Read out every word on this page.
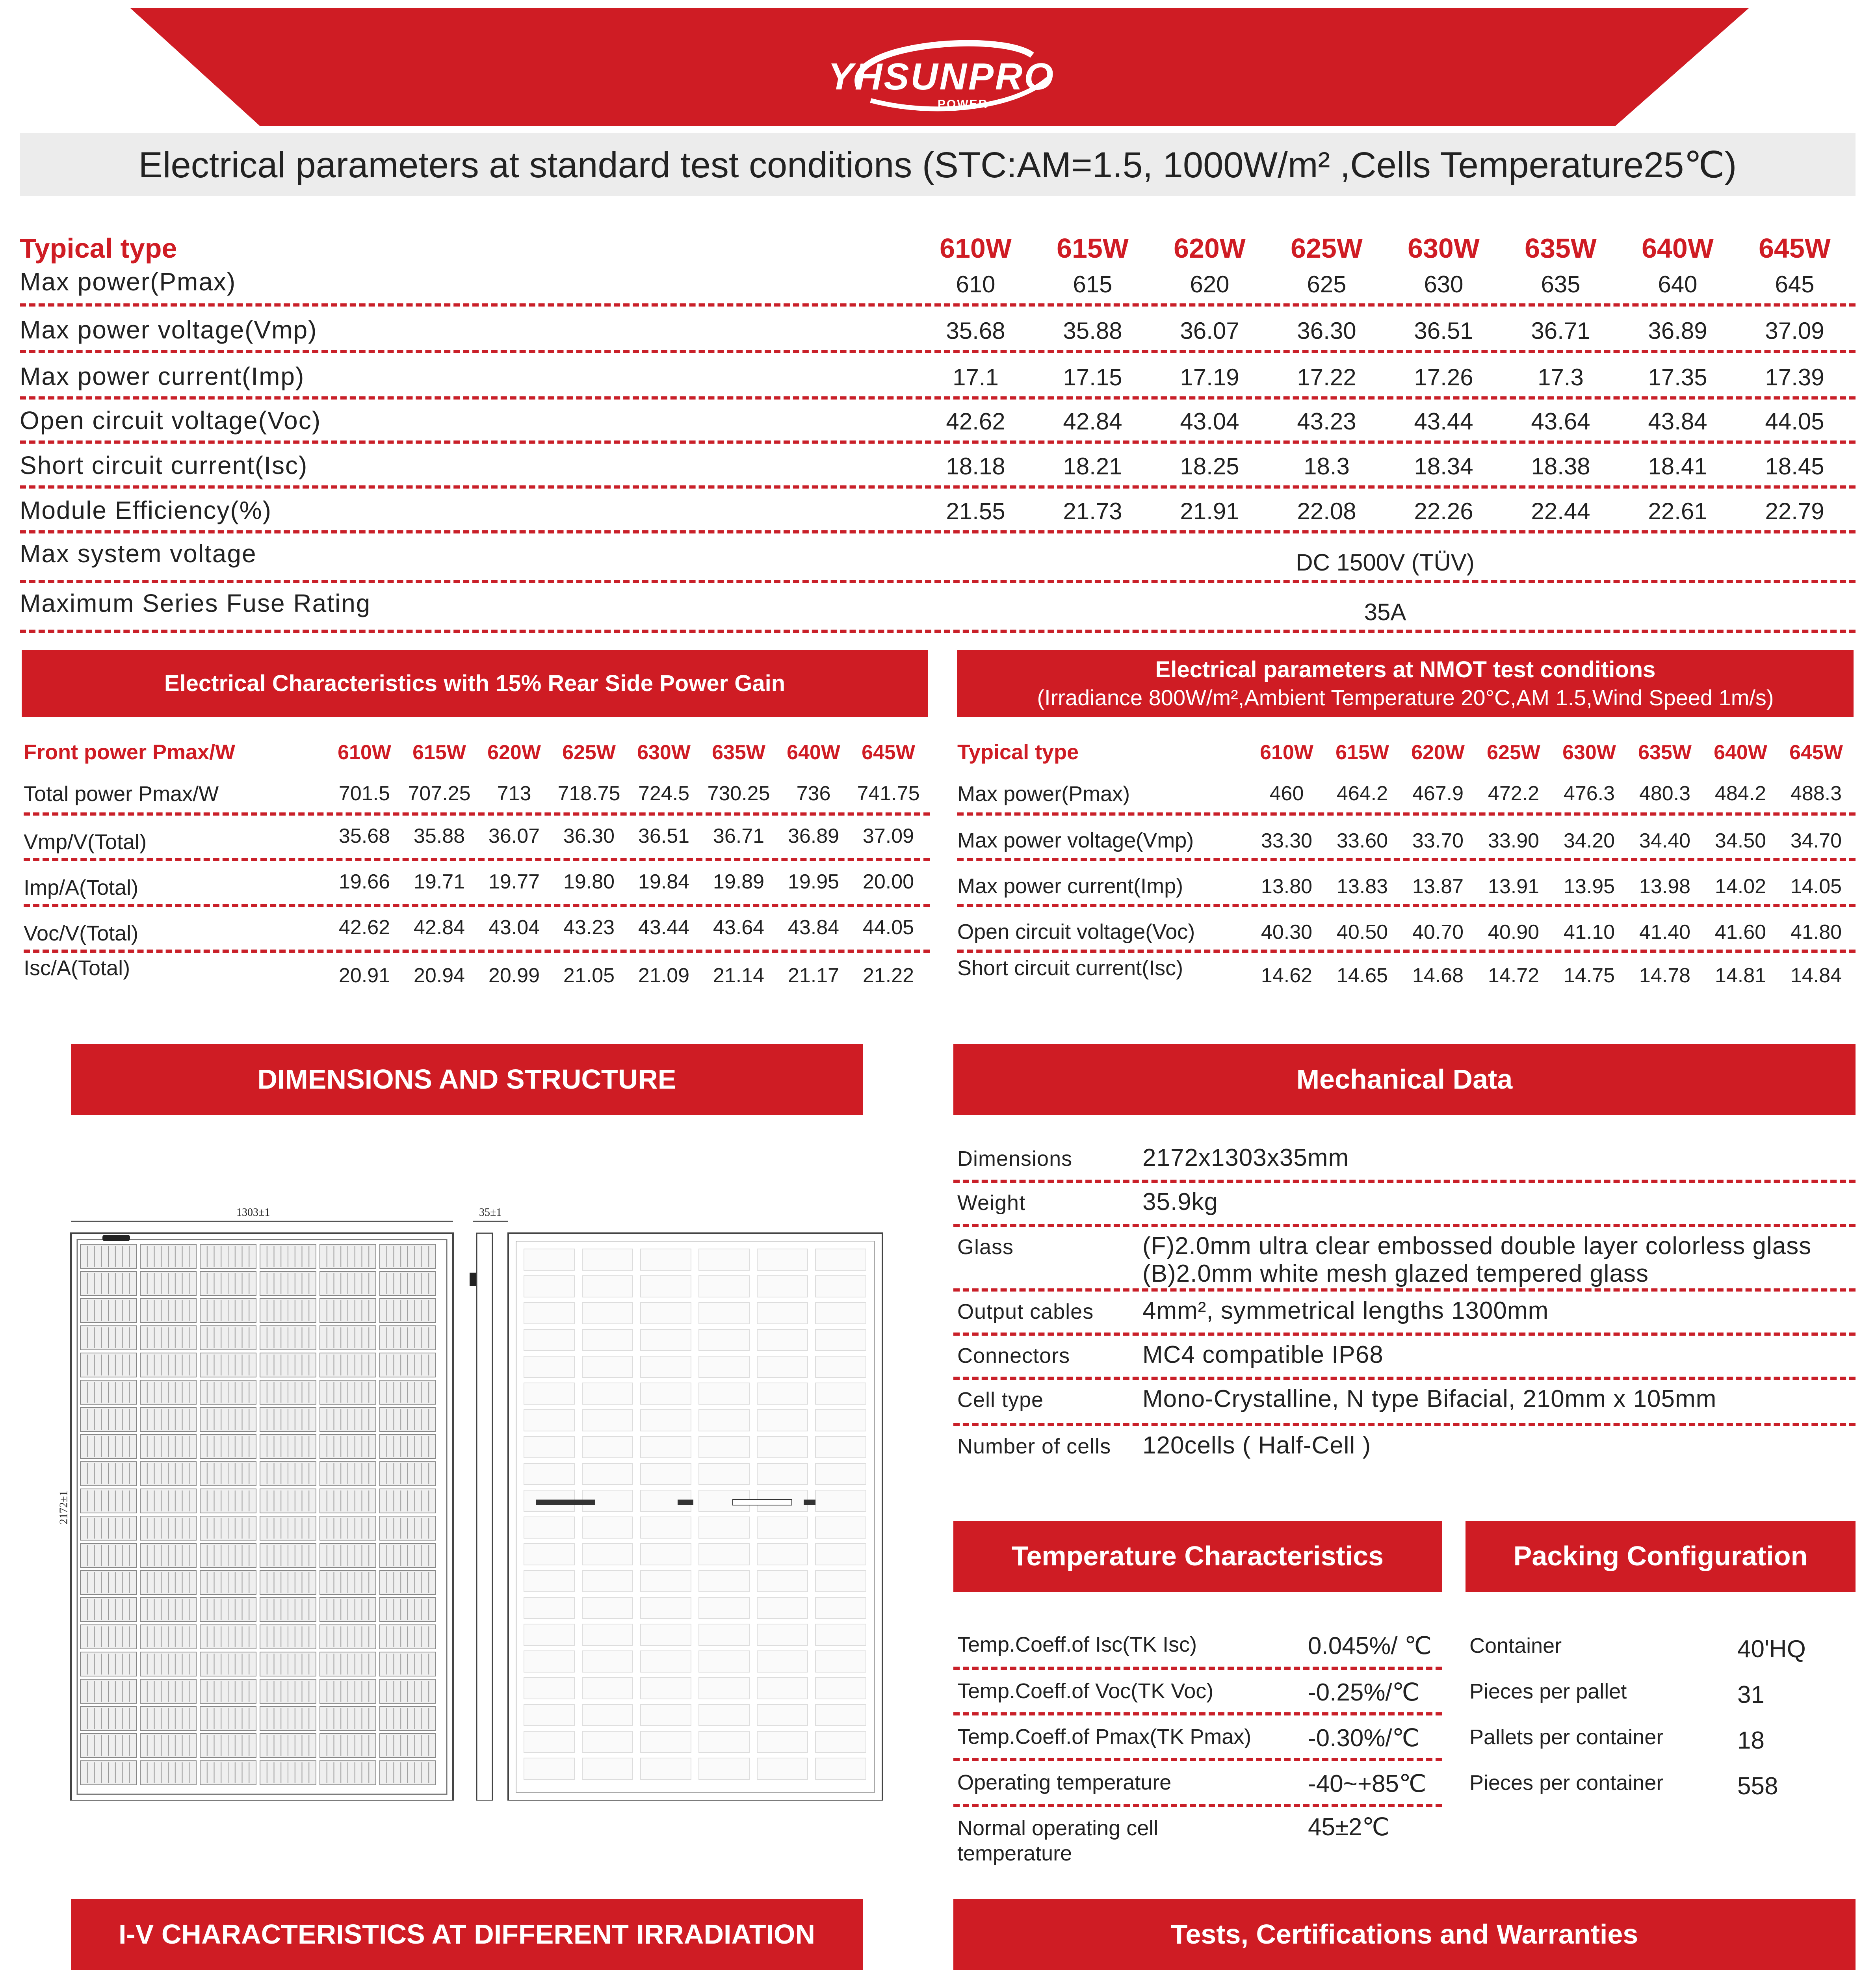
YHSUNPRO
POWER
Electrical parameters at standard test conditions (STC:AM=1.5, 1000W/m² ,Cells Temperature25℃)
Typical type	610W	615W	620W	625W	630W	635W	640W	645W
Max power(Pmax)	610	615	620	625	630	635	640	645
Max power voltage(Vmp)	35.68	35.88	36.07	36.30	36.51	36.71	36.89	37.09
Max power current(Imp)	17.1	17.15	17.19	17.22	17.26	17.3	17.35	17.39
Open circuit voltage(Voc)	42.62	42.84	43.04	43.23	43.44	43.64	43.84	44.05
Short circuit current(Isc)	18.18	18.21	18.25	18.3	18.34	18.38	18.41	18.45
Module Efficiency(%)	21.55	21.73	21.91	22.08	22.26	22.44	22.61	22.79
Max system voltage	DC 1500V (TÜV)
Maximum Series Fuse Rating	35A
Electrical Characteristics with 15% Rear Side Power Gain
Front power Pmax/W	610W	615W	620W	625W	630W	635W	640W	645W
Total power Pmax/W	701.5 707.25	713	718.75 724.5 730.25	736	741.75
Vmp/V(Total)	35.68	35.88	36.07	36.30	36.51	36.71	36.89	37.09
Imp/A(Total)	19.66	19.71	19.77	19.80	19.84	19.89	19.95	20.00
Voc/V(Total)	42.62	42.84	43.04	43.23	43.44	43.64	43.84	44.05
Isc/A(Total)	20.91	20.94	20.99	21.05	21.09	21.14	21.17	21.22
Electrical parameters at NMOT test conditions
(Irradiance 800W/m²,Ambient Temperature 20°C,AM 1.5,Wind Speed 1m/s)
Typical type	610W	615W	620W	625W	630W	635W	640W	645W
Max power(Pmax)	460	464.2	467.9	472.2	476.3	480.3	484.2	488.3
Max power voltage(Vmp)	33.30	33.60	33.70	33.90	34.20	34.40	34.50	34.70
Max power current(Imp)	13.80	13.83	13.87	13.91	13.95	13.98	14.02	14.05
Open circuit voltage(Voc)	40.30	40.50	40.70	40.90	41.10	41.40	41.60	41.80
Short circuit current(Isc)	14.62	14.65	14.68	14.72	14.75	14.78	14.81	14.84
DIMENSIONS AND STRUCTURE
1303±1
2172±1
35±1
Mechanical Data
Dimensions	2172x1303x35mm
Weight	35.9kg
Glass	(F)2.0mm ultra clear embossed double layer colorless glass
(B)2.0mm white mesh glazed tempered glass
Output cables 4mm², symmetrical lengths 1300mm
Connectors	MC4 compatible IP68
Cell type	Mono-Crystalline, N type Bifacial, 210mm x 105mm
Number of cells 120cells ( Half-Cell )
Temperature Characteristics
Temp.Coeff.of Isc(TK Isc)	0.045%/ ℃
Temp.Coeff.of Voc(TK Voc)	-0.25%/℃
Temp.Coeff.of Pmax(TK Pmax) -0.30%/℃
Operating temperature	-40~+85℃
Normal operating cell
temperature
45±2℃
Packing Configuration
Container	40'HQ
Pieces per pallet	31
Pallets per container	18
Pieces per container	558
I-V CHARACTERISTICS AT DIFFERENT IRRADIATION	Tests, Certifications and Warranties
